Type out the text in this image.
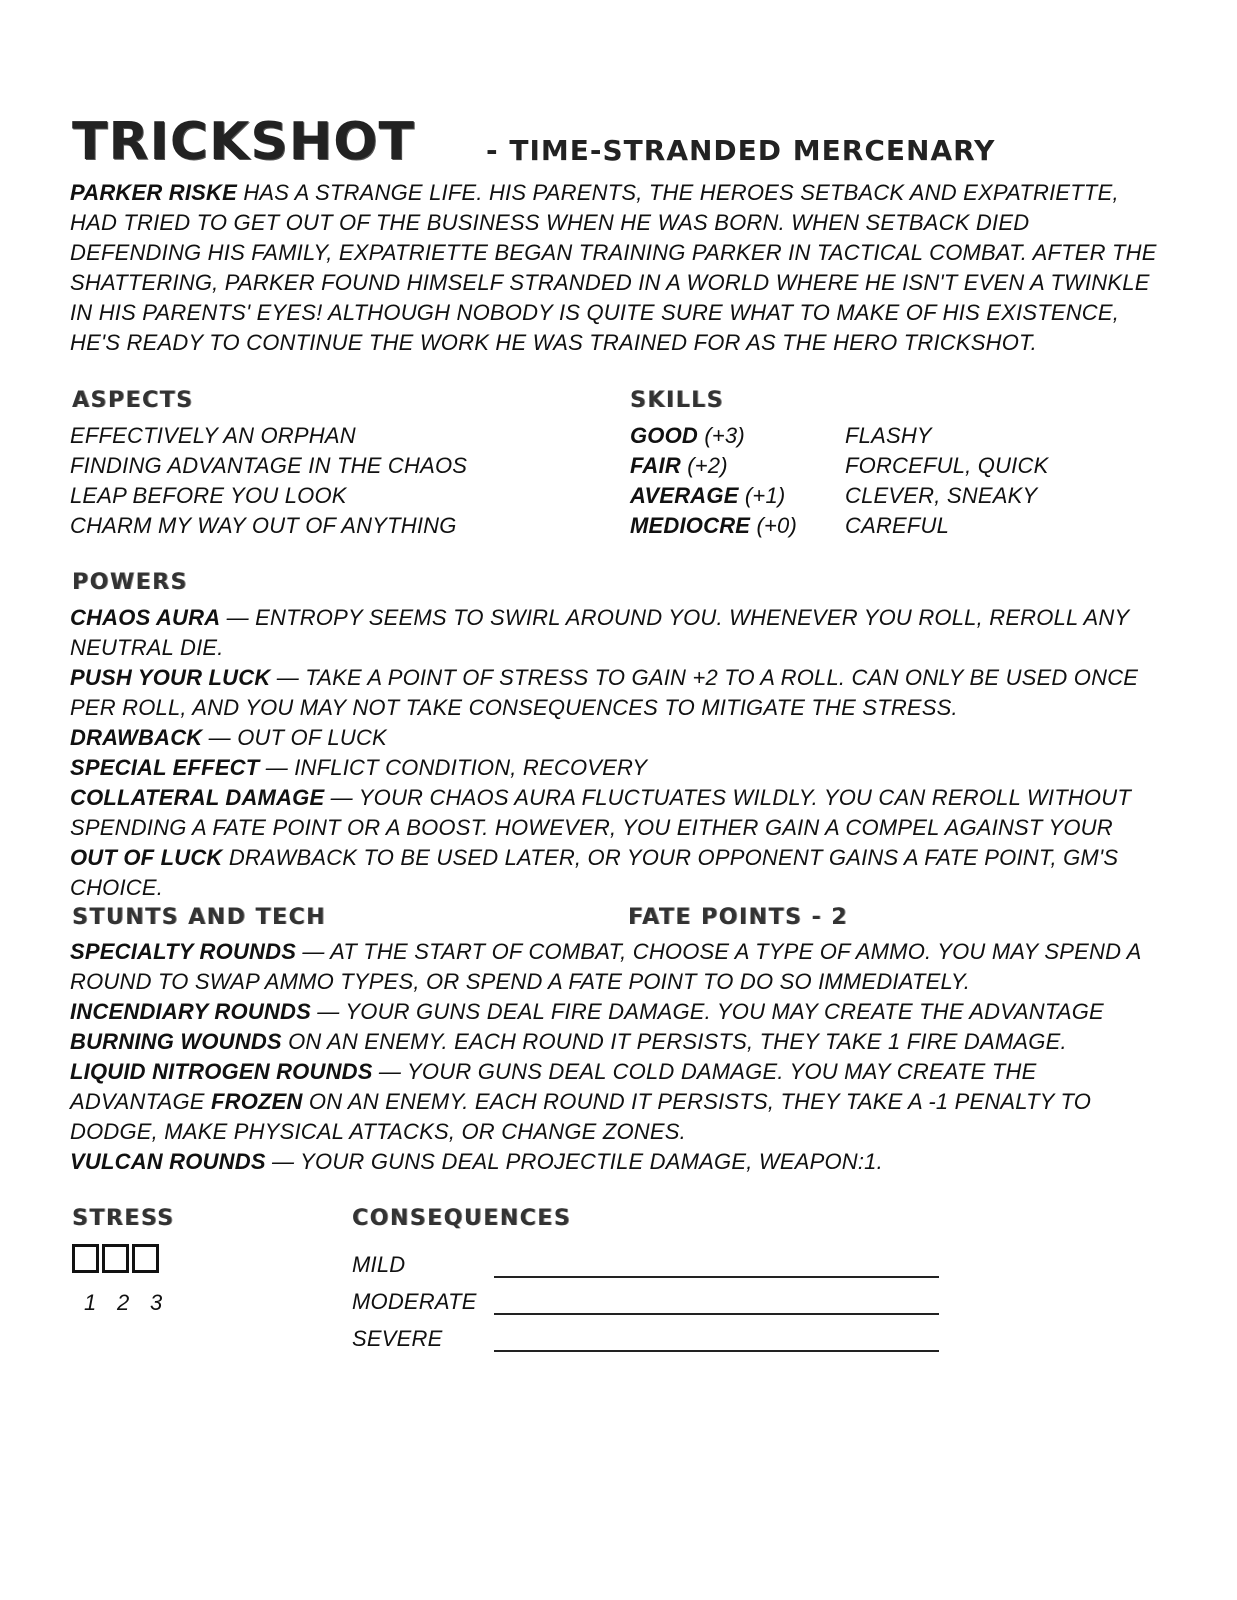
TRICKSHOT	- TIME-STRANDED MERCENARY

PARKER RISKE HAS A STRANGE LIFE. HIS PARENTS, THE HEROES SETBACK AND EXPATRIETTE, HAD TRIED TO GET OUT OF THE BUSINESS WHEN HE WAS BORN. WHEN SETBACK DIED DEFENDING HIS FAMILY, EXPATRIETTE BEGAN TRAINING PARKER IN TACTICAL COMBAT. AFTER THE SHATTERING, PARKER FOUND HIMSELF STRANDED IN A WORLD WHERE HE ISN'T EVEN A TWINKLE IN HIS PARENTS' EYES! ALTHOUGH NOBODY IS QUITE SURE WHAT TO MAKE OF HIS EXISTENCE, HE'S READY TO CONTINUE THE WORK HE WAS TRAINED FOR AS THE HERO TRICKSHOT.

ASPECTS
EFFECTIVELY AN ORPHAN
FINDING ADVANTAGE IN THE CHAOS
LEAP BEFORE YOU LOOK
CHARM MY WAY OUT OF ANYTHING
SKILLS
GOOD (+3)	FLASHY
FAIR (+2)	FORCEFUL, QUICK
AVERAGE (+1)	CLEVER, SNEAKY
MEDIOCRE (+0) CAREFUL
POWERS

CHAOS AURA — ENTROPY SEEMS TO SWIRL AROUND YOU. WHENEVER YOU ROLL, REROLL ANY NEUTRAL DIE.

PUSH YOUR LUCK — TAKE A POINT OF STRESS TO GAIN +2 TO A ROLL. CAN ONLY BE USED ONCE PER ROLL, AND YOU MAY NOT TAKE CONSEQUENCES TO MITIGATE THE STRESS.

DRAWBACK — OUT OF LUCK

SPECIAL EFFECT — INFLICT CONDITION, RECOVERY

COLLATERAL DAMAGE — YOUR CHAOS AURA FLUCTUATES WILDLY. YOU CAN REROLL WITHOUT SPENDING A FATE POINT OR A BOOST. HOWEVER, YOU EITHER GAIN A COMPEL AGAINST YOUR OUT OF LUCK DRAWBACK TO BE USED LATER, OR YOUR OPPONENT GAINS A FATE POINT, GM'S CHOICE.

STUNTS AND TECH	FATE POINTS - 2

SPECIALTY ROUNDS — AT THE START OF COMBAT, CHOOSE A TYPE OF AMMO. YOU MAY SPEND A ROUND TO SWAP AMMO TYPES, OR SPEND A FATE POINT TO DO SO IMMEDIATELY.

INCENDIARY ROUNDS — YOUR GUNS DEAL FIRE DAMAGE. YOU MAY CREATE THE ADVANTAGE BURNING WOUNDS ON AN ENEMY. EACH ROUND IT PERSISTS, THEY TAKE 1 FIRE DAMAGE.

LIQUID NITROGEN ROUNDS — YOUR GUNS DEAL COLD DAMAGE. YOU MAY CREATE THE ADVANTAGE FROZEN ON AN ENEMY. EACH ROUND IT PERSISTS, THEY TAKE A -1 PENALTY TO DODGE, MAKE PHYSICAL ATTACKS, OR CHANGE ZONES.

VULCAN ROUNDS — YOUR GUNS DEAL PROJECTILE DAMAGE, WEAPON:1.

STRESS
1 2 3
CONSEQUENCES
MILD
MODERATE
SEVERE
